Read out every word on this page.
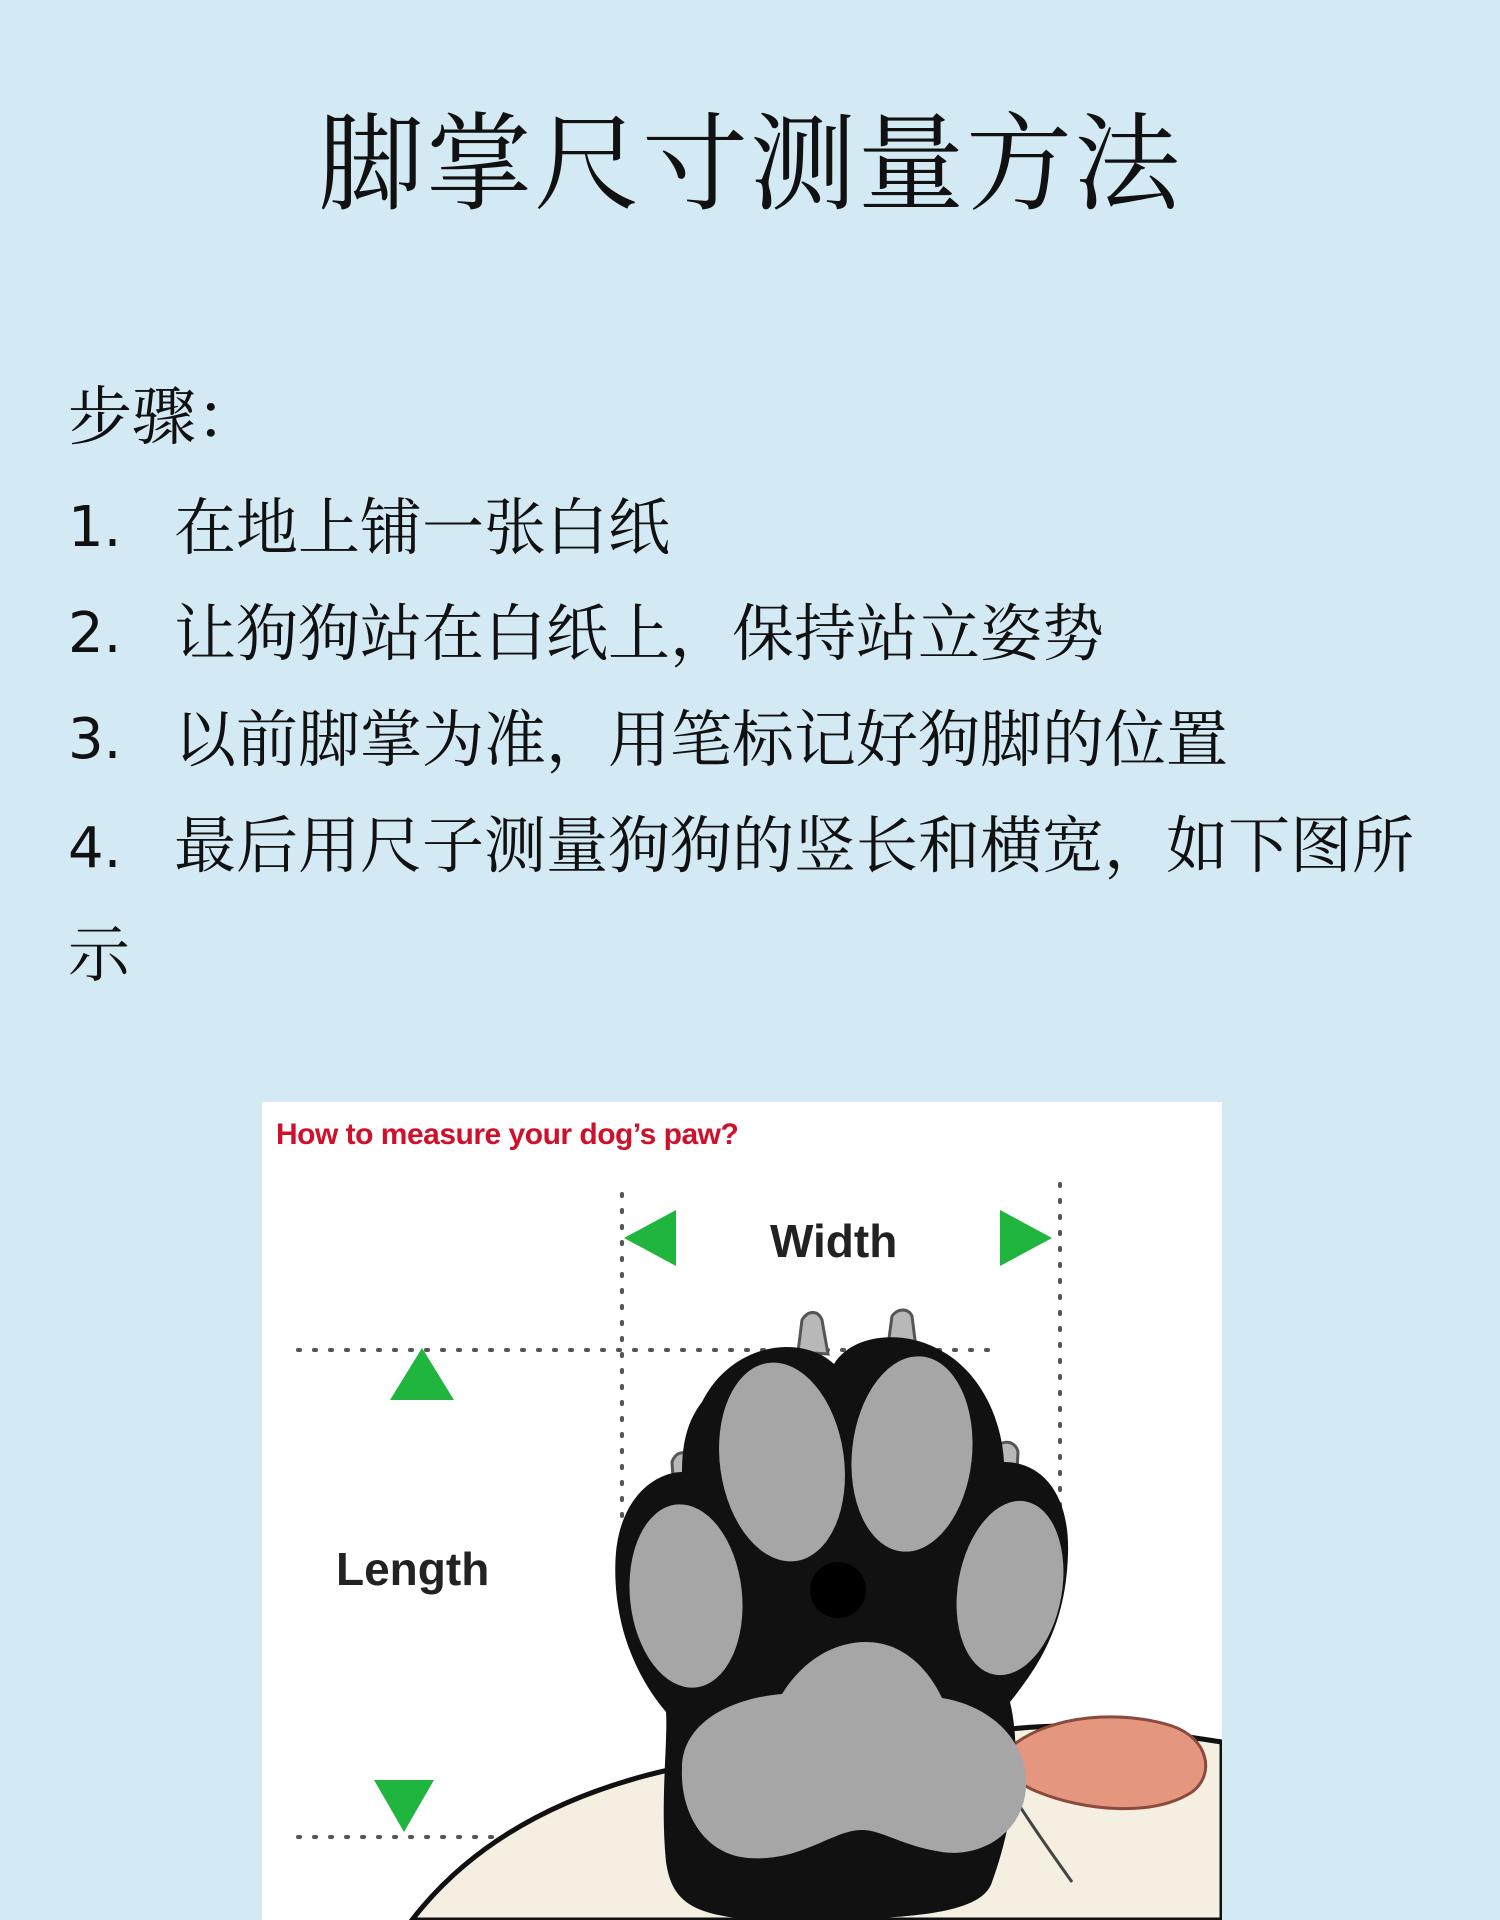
脚掌尺寸测量方法
步骤：
1. 在地上铺一张白纸
2. 让狗狗站在白纸上，保持站立姿势
3. 以前脚掌为准，用笔标记好狗脚的位置
4. 最后用尺子测量狗狗的竖长和横宽，如下图所示
How to measure your dog’s paw?
Width
Length
